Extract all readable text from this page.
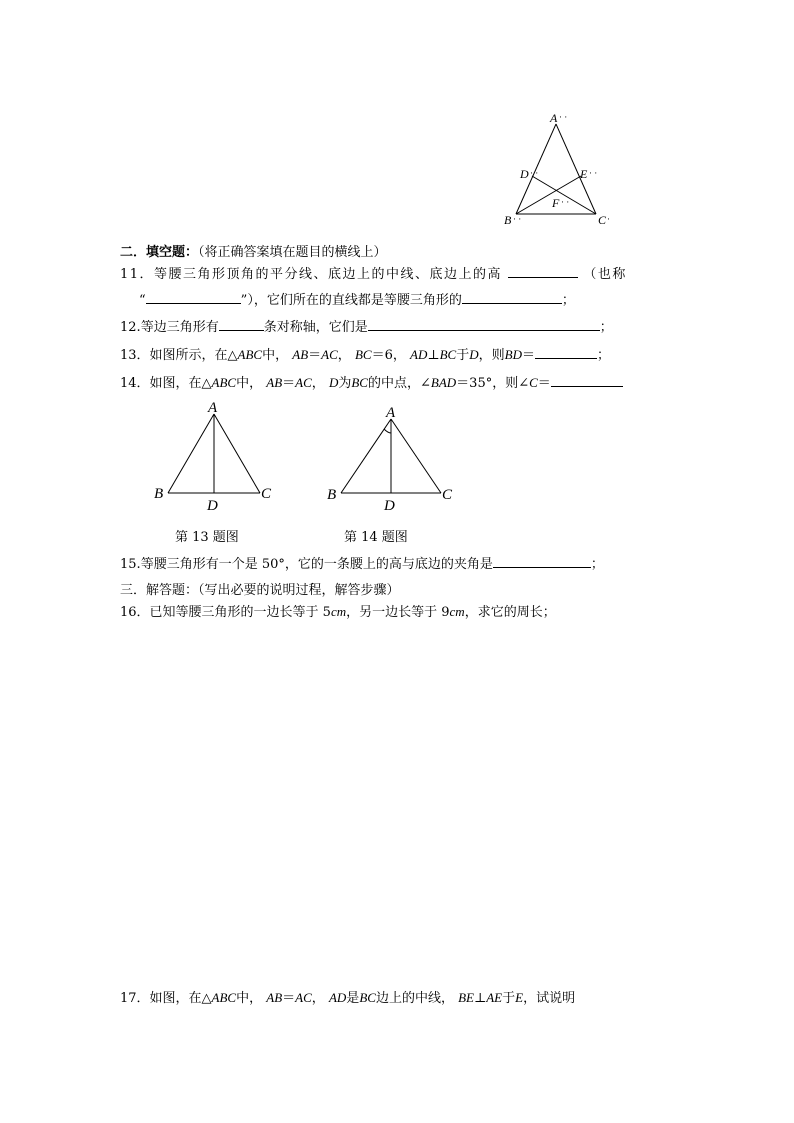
A · ·
D · ·	E · ·
F · ·
B · ·	C ·
二．填空题：（将正确答案填在题目的横线上）
11．等腰三角形顶角的平分线、底边上的中线、底边上的高	（也称
“	”），它们所在的直线都是等腰三角形的	；
12.等边三角形有	条对称轴，它们是	；
13．如图所示，在△ABC中， AB＝AC， BC＝6， AD⊥BC于D，则BD＝	；
14．如图，在△ABC中， AB＝AC， D为BC的中点，∠BAD＝35°，则∠C＝
A
B
D
C
A
B
D
C
第 13 题图	第 14 题图
15.等腰三角形有一个是 50°，它的一条腰上的高与底边的夹角是	；
三．解答题：（写出必要的说明过程，解答步骤）
16．已知等腰三角形的一边长等于 5cm，另一边长等于 9cm，求它的周长；
17．如图，在△ABC中， AB＝AC， AD是BC边上的中线， BE⊥AE于E，试说明
